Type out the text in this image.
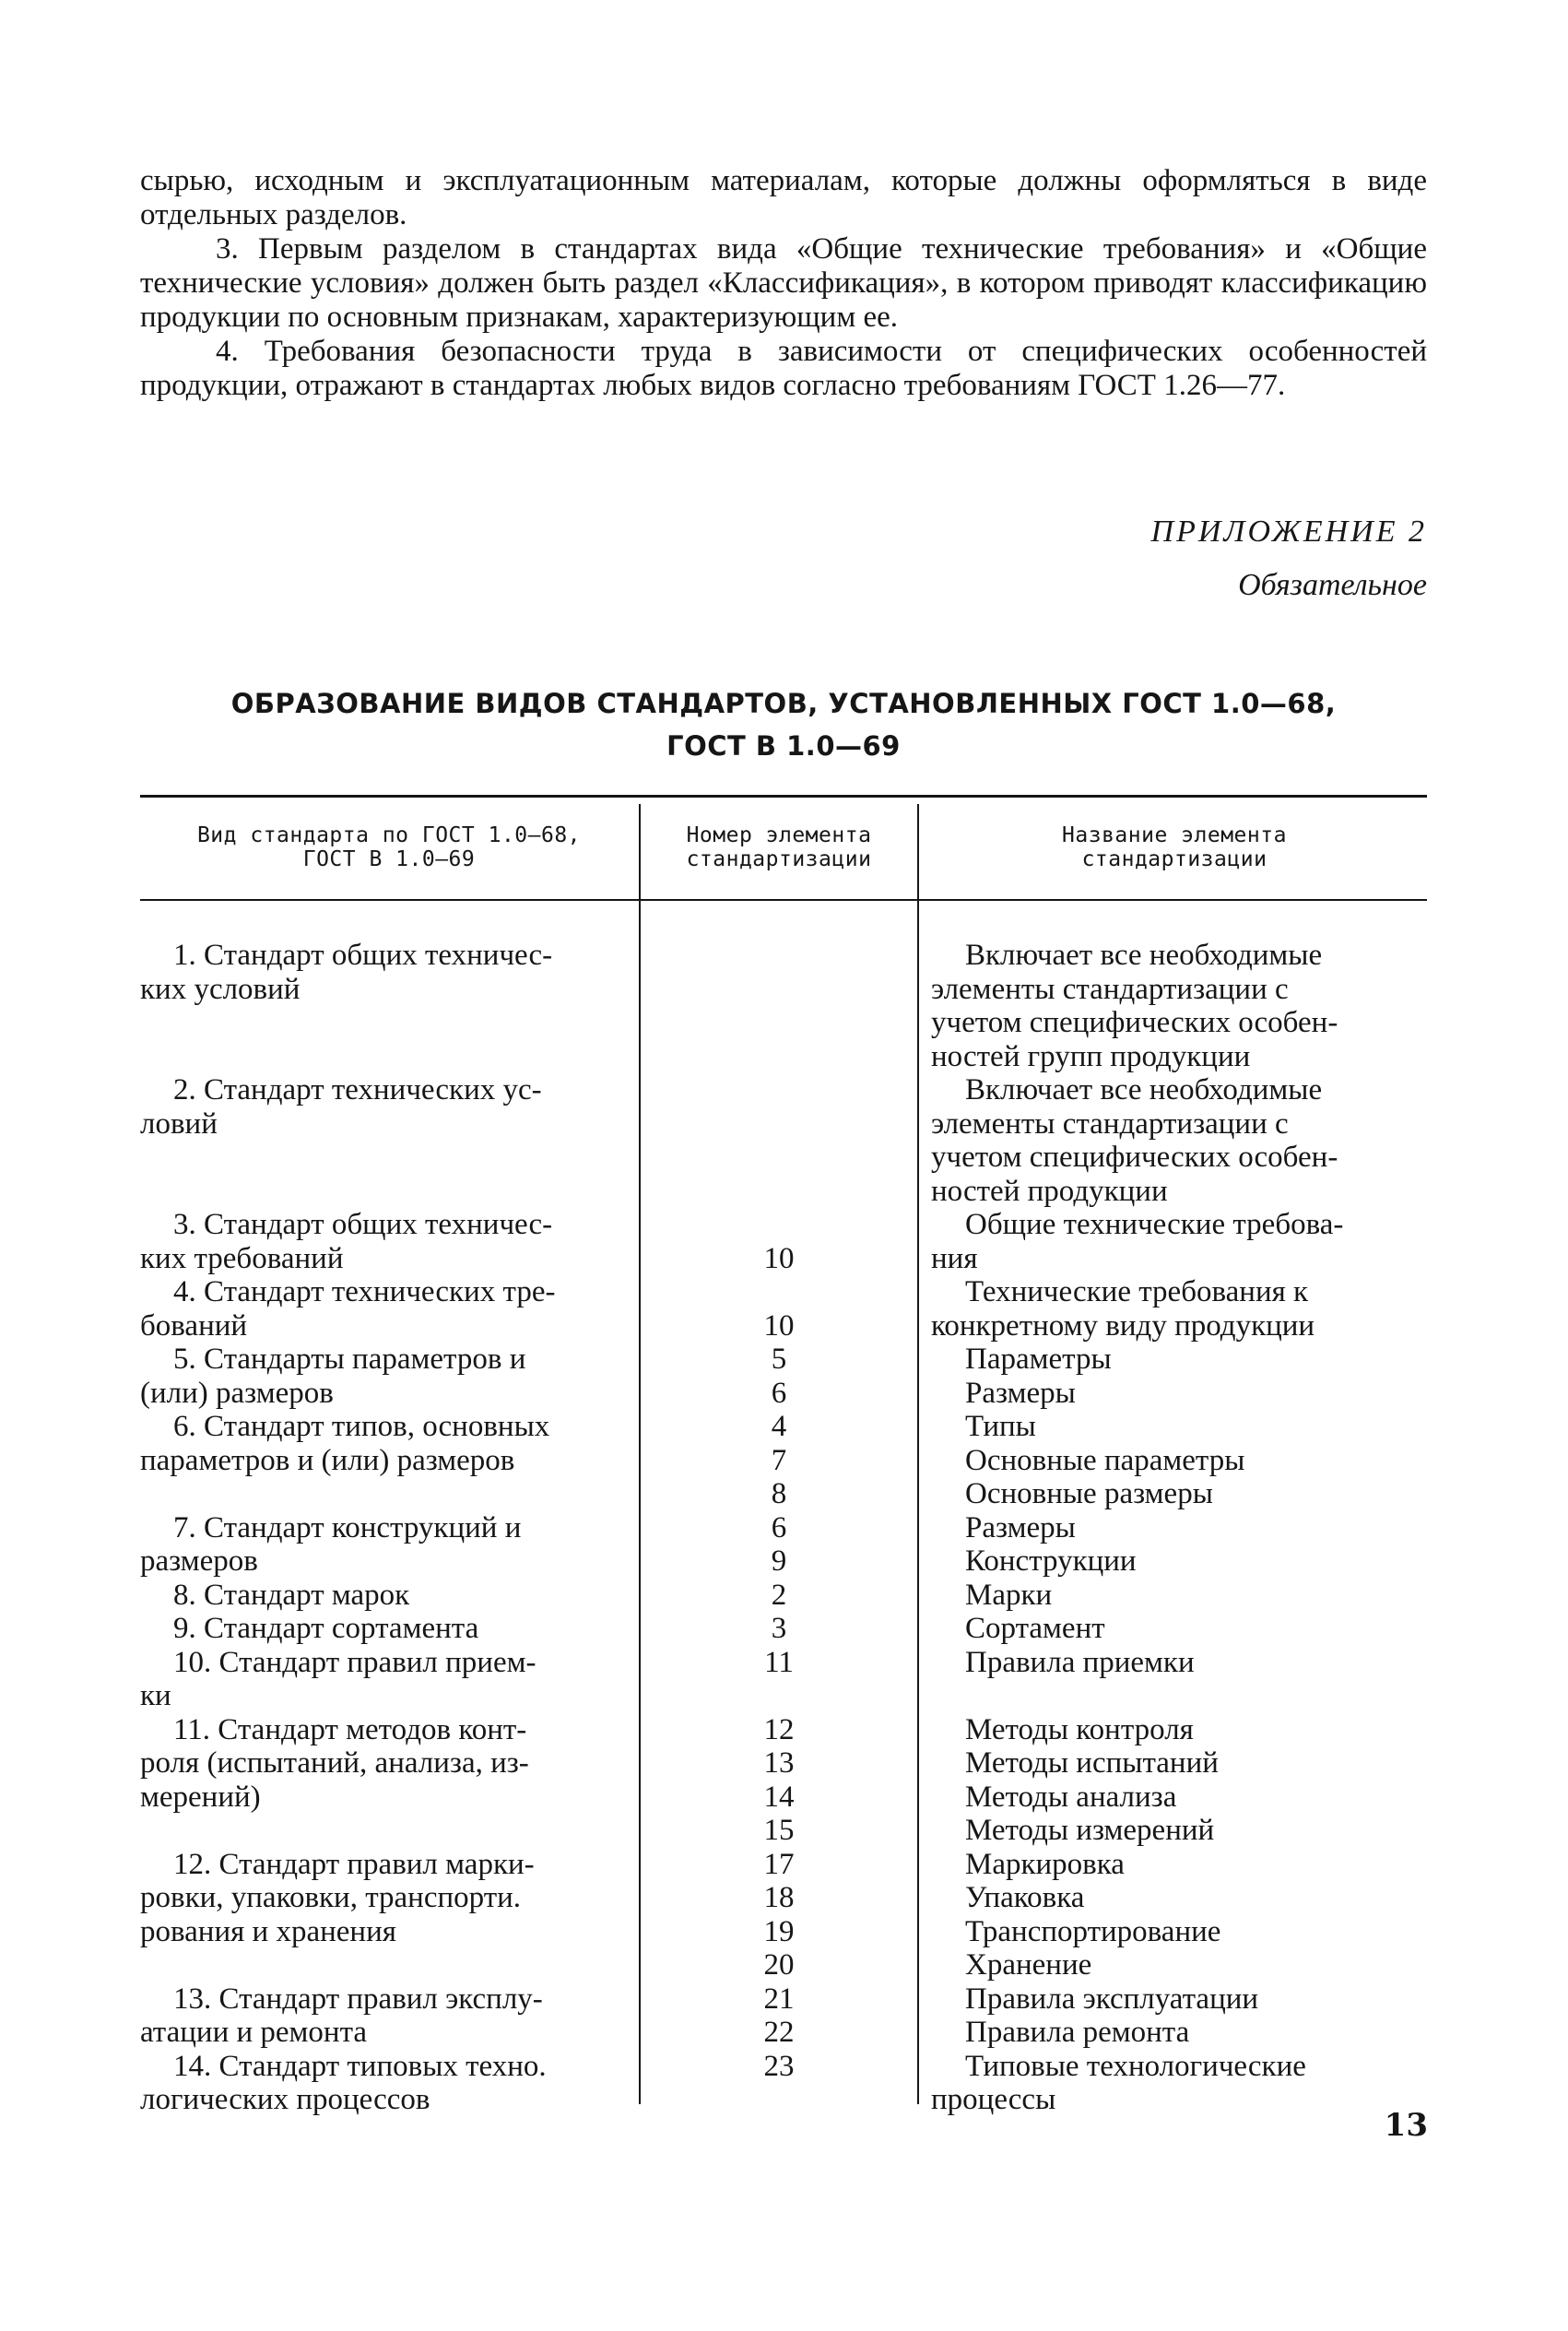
сырью, исходным и эксплуатационным материалам, которые должны оформляться в виде отдельных разделов.

3. Первым разделом в стандартах вида «Общие технические требования» и «Общие технические условия» должен быть раздел «Классификация», в котором приводят классификацию продукции по основным признакам, характеризующим ее.

4. Требования безопасности труда в зависимости от специфических особенностей продукции, отражают в стандартах любых видов согласно требованиям ГОСТ 1.26—77.

ПРИЛОЖЕНИЕ 2
Обязательное
ОБРАЗОВАНИЕ ВИДОВ СТАНДАРТОВ, УСТАНОВЛЕННЫХ ГОСТ 1.0—68,
ГОСТ В 1.0—69
Вид стандарта по ГОСТ 1.0—68,
ГОСТ В 1.0—69
Номер элемента
стандартизации
Название элемента
стандартизации
1. Стандарт общих техничес-
ких условий

2. Стандарт технических ус-
ловий

3. Стандарт общих техничес-
ких требований
4. Стандарт технических тре-
бований
5. Стандарты параметров и
(или) размеров
6. Стандарт типов, основных
параметров и (или) размеров

7. Стандарт конструкций и
размеров
8. Стандарт марок
9. Стандарт сортамента
10. Стандарт правил прием-
ки
11. Стандарт методов конт-
роля (испытаний, анализа, из-
мерений)

12. Стандарт правил марки-
ровки, упаковки, транспорти.
рования и хранения

13. Стандарт правил эксплу-
атации и ремонта
14. Стандарт типовых техно.
логических процессов

10

10
5
6
4
7
8
6
9
2
3
11

12
13
14
15
17
18
19
20
21
22
23
Включает все необходимые
элементы стандартизации с
учетом специфических особен-
ностей групп продукции
Включает все необходимые
элементы стандартизации с
учетом специфических особен-
ностей продукции
Общие технические требова-
ния
Технические требования к
конкретному виду продукции
Параметры
Размеры
Типы
Основные параметры
Основные размеры
Размеры
Конструкции
Марки
Сортамент
Правила приемки

Методы контроля
Методы испытаний
Методы анализа
Методы измерений
Маркировка
Упаковка
Транспортирование
Хранение
Правила эксплуатации
Правила ремонта
Типовые технологические
процессы
13
